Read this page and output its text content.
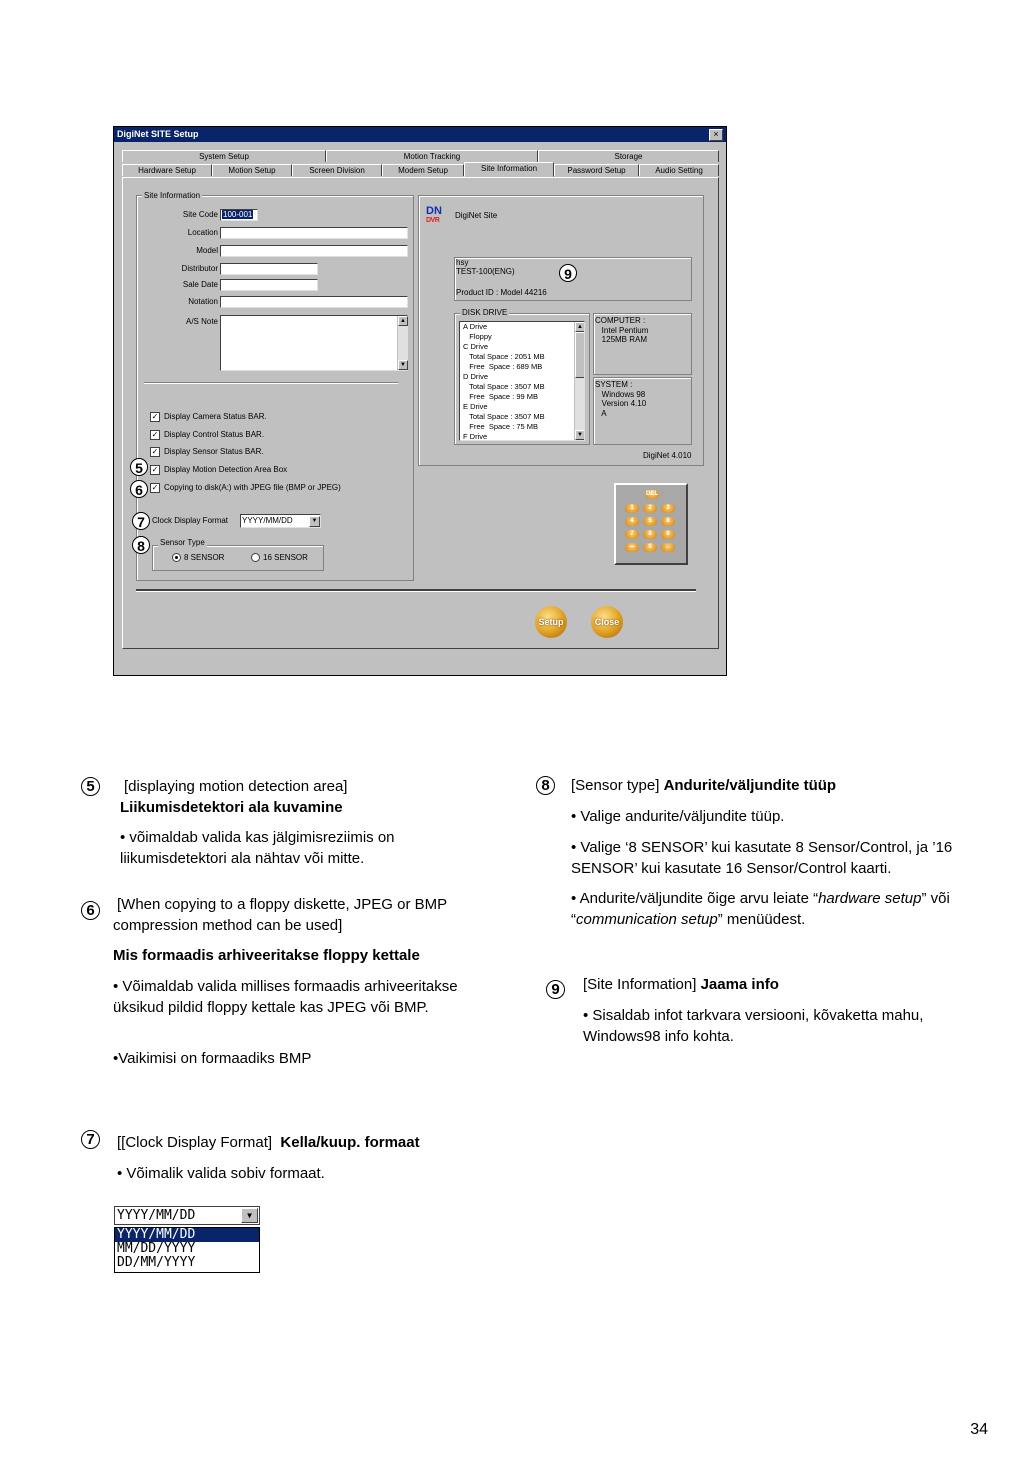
DigiNet SITE Setup	×
System Setup	Motion Tracking	Storage
Hardware Setup	Motion Setup	Screen Division	Modem Setup	Site Information	Password Setup	Audio Setting
Site Information
Site Code 100-001
Location
Model
Distributor
Sale Date
Notation
A/S Note	▲
▼
✓ Display Camera Status BAR.
✓ Display Control Status BAR.
✓ Display Sensor Status BAR.
✓ Display Motion Detection Area Box
✓ Copying to disk(A:) with JPEG file (BMP or JPEG)
Clock Display Format YYYY/MM/DD	▼
Sensor Type
8 SENSOR	16 SENSOR
DN
DVR
DigiNet Site
hsy
TEST-100(ENG)
Product ID : Model 44216
DISK DRIVE
A Drive
Floppy
C Drive
Total Space : 2051 MB
Free  Space : 689 MB
D Drive
Total Space : 3507 MB
Free  Space : 99 MB
E Drive
Total Space : 3507 MB
Free  Space : 75 MB
F Drive
▲
▼
COMPUTER :
Intel Pentium
125MB RAM
SYSTEM :
Windows 98
Version 4.10
A
DigiNet 4.010
DEL
1	2	3
4	5	6
7	8	9
—	0	←
Setup	Close
5
6
7
8
9
5	[displaying motion detection area]
Liikumisdetektori ala kuvamine
• võimaldab valida kas jälgimisreziimis on liikumisdetektori ala nähtav või mitte.
6	[When copying to a floppy diskette, JPEG or BMP compression method can be used]
Mis formaadis arhiveeritakse floppy kettale
• Võimaldab valida millises formaadis arhiveeritakse üksikud pildid floppy kettale kas JPEG või BMP.
•Vaikimisi on formaadiks BMP
7	[[Clock Display Format] Kella/kuup. formaat
• Võimalik valida sobiv formaat.
YYYY/MM/DD	▼
YYYY/MM/DD
MM/DD/YYYY
DD/MM/YYYY
8	[Sensor type] Andurite/väljundite tüüp
• Valige andurite/väljundite tüüp.
• Valige ‘8 SENSOR’ kui kasutate 8 Sensor/Control, ja ’16 SENSOR’ kui kasutate 16 Sensor/Control kaarti.
• Andurite/väljundite õige arvu leiate “hardware setup” või “communication setup” menüüdest.
9	[Site Information] Jaama info
• Sisaldab infot tarkvara versiooni, kõvaketta mahu, Windows98 info kohta.
34
